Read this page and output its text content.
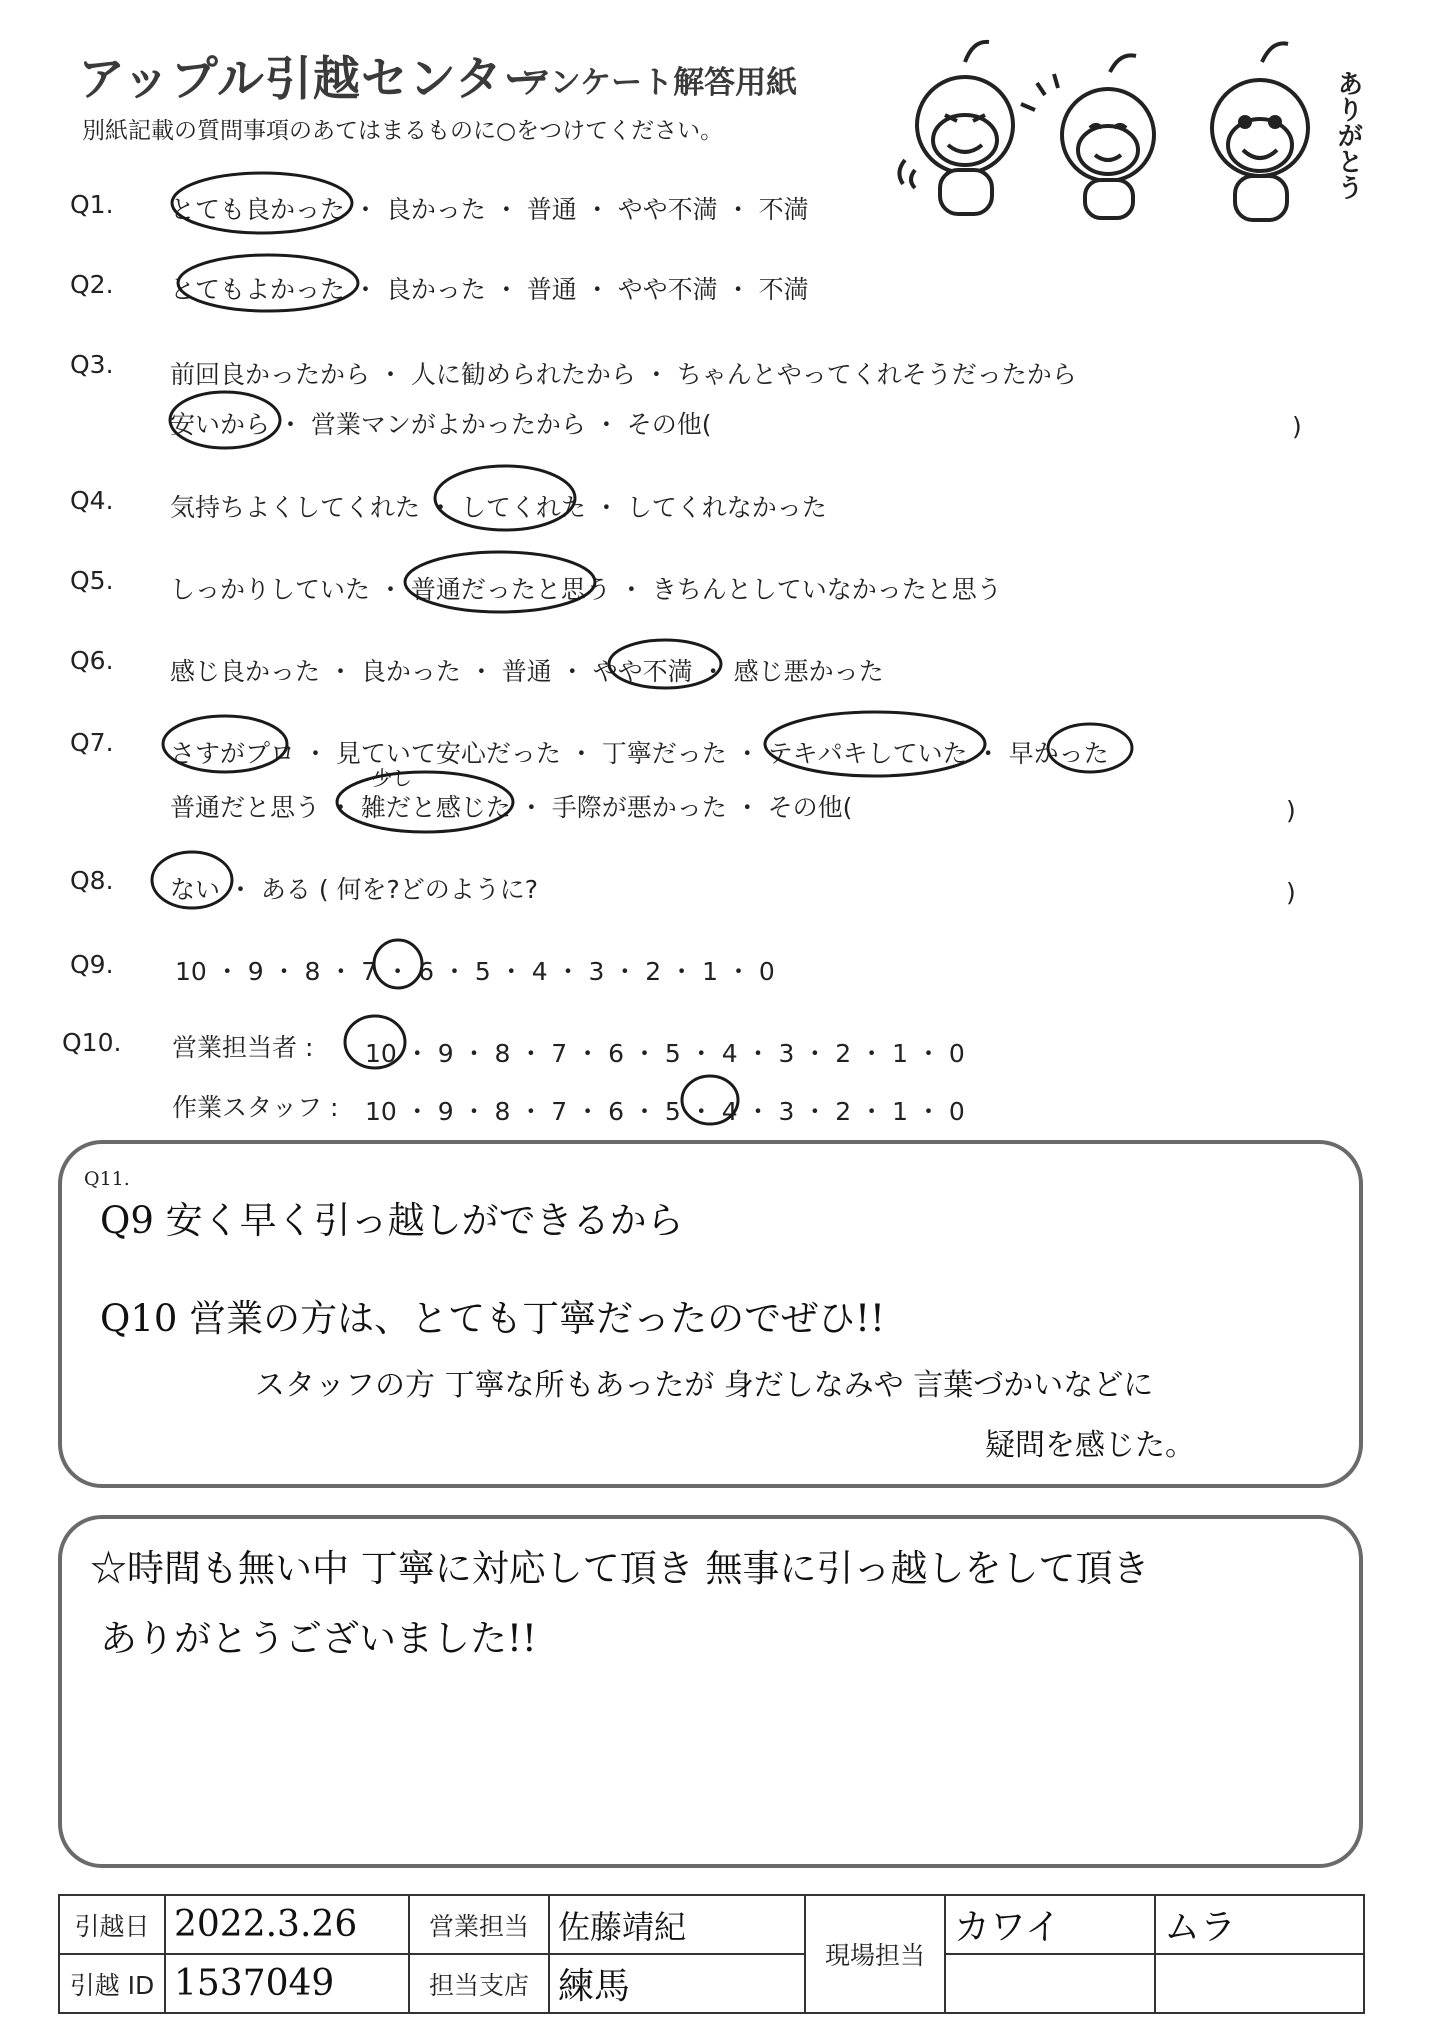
アップル引越センター
アンケート解答用紙
別紙記載の質問事項のあてはまるものに○をつけてください。	ありがとう
Q1. とても良かった ・ 良かった ・ 普通 ・ やや不満 ・ 不満
Q2. とてもよかった ・ 良かった ・ 普通 ・ やや不満 ・ 不満
Q3. 前回良かったから ・ 人に勧められたから ・ ちゃんとやってくれそうだったから
安いから ・ 営業マンがよかったから ・ その他(	)
Q4. 気持ちよくしてくれた ・ してくれた ・ してくれなかった
Q5. しっかりしていた ・ 普通だったと思う ・ きちんとしていなかったと思う
Q6. 感じ良かった ・ 良かった ・ 普通 ・ やや不満 ・ 感じ悪かった
Q7. さすがプロ ・ 見ていて安心だった ・ 丁寧だった ・ テキパキしていた ・ 早かった
少し
普通だと思う ・ 雑だと感じた ・ 手際が悪かった ・ その他(	)
Q8. ない ・ ある ( 何を?どのように?	)
Q9. 10 ・ 9 ・ 8 ・ 7 ・ 6 ・ 5 ・ 4 ・ 3 ・ 2 ・ 1 ・ 0
Q10. 営業担当者 : 10 ・ 9 ・ 8 ・ 7 ・ 6 ・ 5 ・ 4 ・ 3 ・ 2 ・ 1 ・ 0
作業スタッフ : 10 ・ 9 ・ 8 ・ 7 ・ 6 ・ 5 ・ 4 ・ 3 ・ 2 ・ 1 ・ 0
Q11.
Q9 安く早く引っ越しができるから
Q10 営業の方は、とても丁寧だったのでぜひ!!
スタッフの方 丁寧な所もあったが 身だしなみや 言葉づかいなどに
疑問を感じた。
☆時間も無い中 丁寧に対応して頂き 無事に引っ越しをして頂き
ありがとうございました!!
引越日	2022.3.26	営業担当	佐藤靖紀	現場担当	カワイ	ムラ
引越 ID	1537049	担当支店	練馬			
